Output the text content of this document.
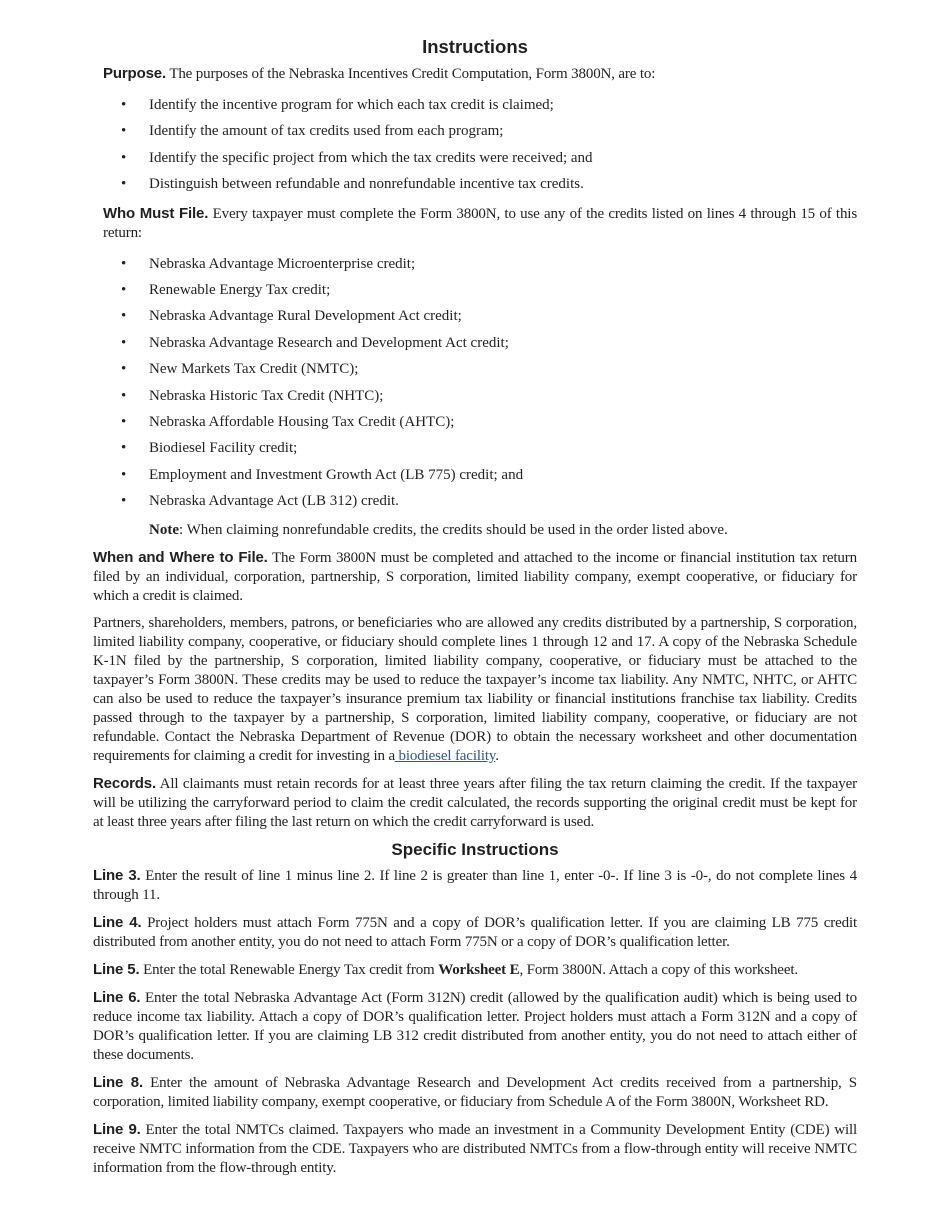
Instructions

Purpose. The purposes of the Nebraska Incentives Credit Computation, Form 3800N, are to:

• Identify the incentive program for which each tax credit is claimed;
• Identify the amount of tax credits used from each program;
• Identify the specific project from which the tax credits were received; and
• Distinguish between refundable and nonrefundable incentive tax credits.

Who Must File. Every taxpayer must complete the Form 3800N, to use any of the credits listed on lines 4 through 15 of this return:

• Nebraska Advantage Microenterprise credit;
• Renewable Energy Tax credit;
• Nebraska Advantage Rural Development Act credit;
• Nebraska Advantage Research and Development Act credit;
• New Markets Tax Credit (NMTC);
• Nebraska Historic Tax Credit (NHTC);
• Nebraska Affordable Housing Tax Credit (AHTC);
• Biodiesel Facility credit;
• Employment and Investment Growth Act (LB 775) credit; and
• Nebraska Advantage Act (LB 312) credit.
Note: When claiming nonrefundable credits, the credits should be used in the order listed above.

When and Where to File. The Form 3800N must be completed and attached to the income or financial institution tax return filed by an individual, corporation, partnership, S corporation, limited liability company, exempt cooperative, or fiduciary for which a credit is claimed.

Partners, shareholders, members, patrons, or beneficiaries who are allowed any credits distributed by a partnership, S corporation, limited liability company, cooperative, or fiduciary should complete lines 1 through 12 and 17. A copy of the Nebraska Schedule K-1N filed by the partnership, S corporation, limited liability company, cooperative, or fiduciary must be attached to the taxpayer’s Form 3800N. These credits may be used to reduce the taxpayer’s income tax liability. Any NMTC, NHTC, or AHTC can also be used to reduce the taxpayer’s insurance premium tax liability or financial institutions franchise tax liability. Credits passed through to the taxpayer by a partnership, S corporation, limited liability company, cooperative, or fiduciary are not refundable. Contact the Nebraska Department of Revenue (DOR) to obtain the necessary worksheet and other documentation requirements for claiming a credit for investing in a biodiesel facility.

Records. All claimants must retain records for at least three years after filing the tax return claiming the credit. If the taxpayer will be utilizing the carryforward period to claim the credit calculated, the records supporting the original credit must be kept for at least three years after filing the last return on which the credit carryforward is used.

Specific Instructions

Line 3. Enter the result of line 1 minus line 2. If line 2 is greater than line 1, enter -0-. If line 3 is -0-, do not complete lines 4 through 11.

Line 4. Project holders must attach Form 775N and a copy of DOR’s qualification letter. If you are claiming LB 775 credit distributed from another entity, you do not need to attach Form 775N or a copy of DOR’s qualification letter.

Line 5. Enter the total Renewable Energy Tax credit from Worksheet E, Form 3800N. Attach a copy of this worksheet.

Line 6. Enter the total Nebraska Advantage Act (Form 312N) credit (allowed by the qualification audit) which is being used to reduce income tax liability. Attach a copy of DOR’s qualification letter. Project holders must attach a Form 312N and a copy of DOR’s qualification letter. If you are claiming LB 312 credit distributed from another entity, you do not need to attach either of these documents.

Line 8. Enter the amount of Nebraska Advantage Research and Development Act credits received from a partnership, S corporation, limited liability company, exempt cooperative, or fiduciary from Schedule A of the Form 3800N, Worksheet RD.

Line 9. Enter the total NMTCs claimed. Taxpayers who made an investment in a Community Development Entity (CDE) will receive NMTC information from the CDE. Taxpayers who are distributed NMTCs from a flow-through entity will receive NMTC information from the flow-through entity.
